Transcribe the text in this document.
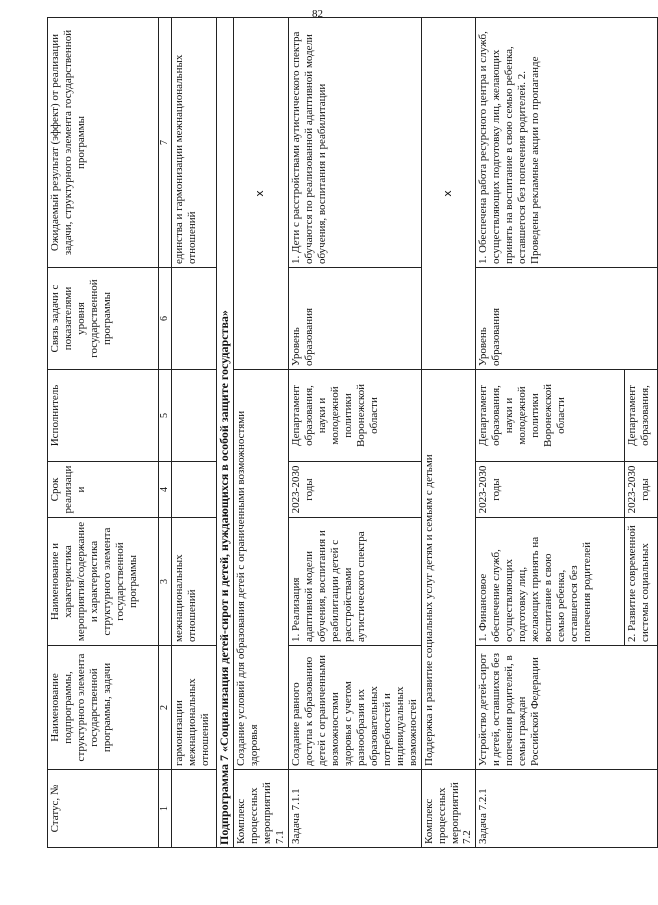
82
Статус, №	Наименование подпрограммы, структурного элемента государственной программы, задачи	Наименование и характеристика мероприятия/содержание и характеристика структурного элемента государственной программы	Срок реализации	Исполнитель	Связь задачи с показателями уровня государственной программы	Ожидаемый результат (эффект) от реализации задачи, структурного элемента государственной программы
1	2	3	4	5	6	7
	гармонизации межнациональных отношений	межнациональных отношений				единства и гармонизации межнациональных отношений
Подпрограмма 7 «Социализация детей-сирот и детей, нуждающихся в особой защите государства»						
Комплекс процессных мероприятий 7.1	Создание условий для образования детей с ограниченными возможностями здоровья				x	
Задача 7.1.1	Создание равного доступа к образованию детей с ограниченными возможностями здоровья с учетом разнообразия их образовательных потребностей и индивидуальных возможностей	1. Реализация адаптивной модели обучения, воспитания и реабилитации детей с расстройствами аутистического спектра	2023-2030 годы	Департамент образования, науки и молодежной политики Воронежской области	Уровень образования	1. Дети с расстройствами аутистического спектра обучаются по реализованной адаптивной модели обучения, воспитания и реабилитации
Комплекс процессных мероприятий 7.2	Поддержка и развитие социальных услуг детям и семьям с детьми				x	
Задача 7.2.1	Устройство детей-сирот и детей, оставшихся без попечения родителей, в семьи граждан Российской Федерации	1. Финансовое обеспечение служб, осуществляющих подготовку лиц, желающих принять на воспитание в свою семью ребенка, оставшегося без попечения родителей	2023-2030 годы	Департамент образования, науки и молодежной политики Воронежской области	Уровень образования	1. Обеспечена работа ресурсного центра и служб, осуществляющих подготовку лиц, желающих принять на воспитание в свою семью ребенка, оставшегося без попечения родителей. 2. Проведены рекламные акции по пропаганде
		2. Развитие современной системы социальных	2023-2030 годы	Департамент образования,		
